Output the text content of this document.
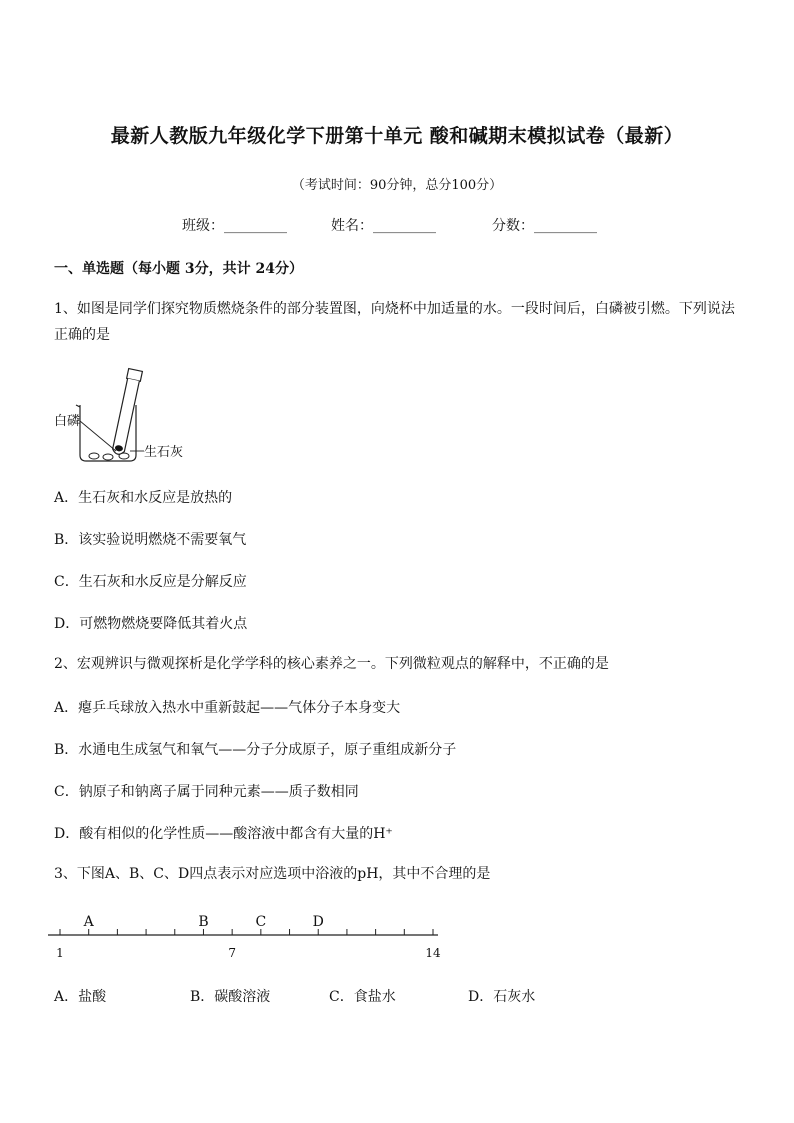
最新人教版九年级化学下册第十单元 酸和碱期末模拟试卷（最新）
（考试时间：90分钟，总分100分）
班级：_________	姓名：_________	分数：_________
一、单选题（每小题 3分，共计 24分）
1、如图是同学们探究物质燃烧条件的部分装置图，向烧杯中加适量的水。一段时间后，白磷被引燃。下列说法正确的是
白磷
生石灰
A．生石灰和水反应是放热的
B．该实验说明燃烧不需要氧气
C．生石灰和水反应是分解反应
D．可燃物燃烧要降低其着火点
2、宏观辨识与微观探析是化学学科的核心素养之一。下列微粒观点的解释中，不正确的是
A．瘪乒乓球放入热水中重新鼓起——气体分子本身变大
B．水通电生成氢气和氧气——分子分成原子，原子重组成新分子
C．钠原子和钠离子属于同种元素——质子数相同
D．酸有相似的化学性质——酸溶液中都含有大量的H⁺
3、下图A、B、C、D四点表示对应选项中浴液的pH，其中不合理的是
A	B	C	D
1	7	14
A．盐酸	B．碳酸溶液	C．食盐水	D．石灰水
